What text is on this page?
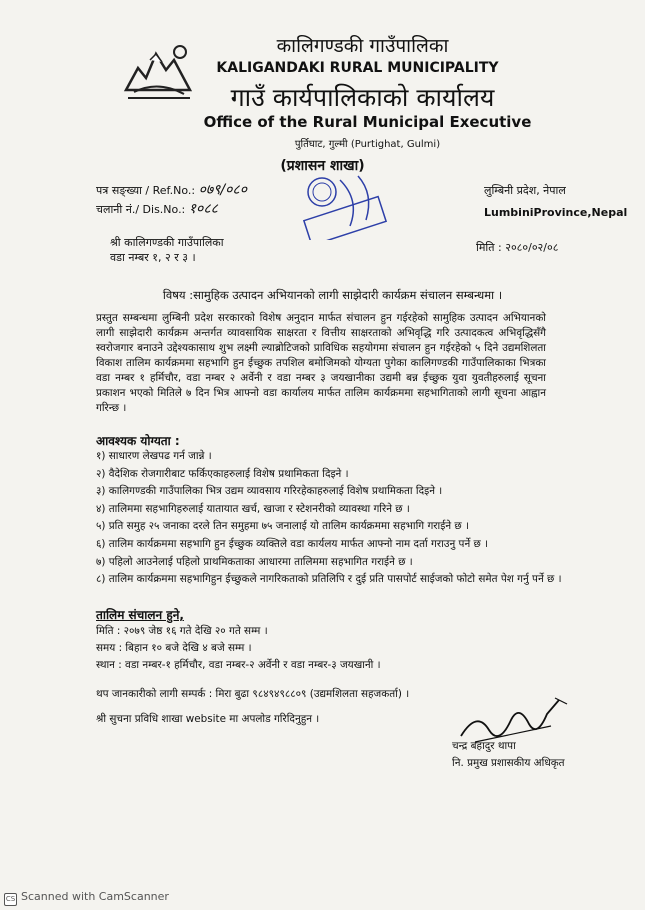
कालिगण्डकी गाउँपालिका
KALIGANDAKI RURAL MUNICIPALITY
गाउँ कार्यपालिकाको कार्यालय
Office of the Rural Municipal Executive
पुर्तिघाट, गुल्मी (Purtighat, Gulmi)
(प्रशासन शाखा)
पत्र सङ्ख्या / Ref.No.: ०७९/०८०
चलानी नं./ Dis.No.: १०८८
लुम्बिनी प्रदेश, नेपाल
LumbiniProvince,Nepal
श्री कालिगण्डकी गाउँपालिका
वडा नम्बर १, २ र ३ ।
मिति : २०८०/०२/०८
विषय :सामुहिक उत्पादन अभियानको लागी साझेदारी कार्यक्रम संचालन सम्बन्धमा ।
प्रस्तुत सम्बन्धमा लुम्बिनी प्रदेश सरकारको विशेष अनुदान मार्फत संचालन हुन गईरहेको सामुहिक उत्पादन अभियानको लागी साझेदारी कार्यक्रम अन्तर्गत व्यावसायिक साक्षरता र वित्तीय साक्षरताको अभिवृद्धि गरि उत्पादकत्व अभिवृद्धिसँगै स्वरोजगार बनाउने उद्देश्यकासाथ शुभ लक्ष्मी ल्याब्रोटिजको प्राविधिक सहयोगमा संचालन हुन गईरहेको ५ दिने उद्यमशिलता विकाश तालिम कार्यक्रममा सहभागि हुन ईच्छुक तपशिल बमोजिमको योग्यता पुगेका कालिगण्डकी गाउँपालिकाका भित्रका वडा नम्बर १ हर्मिचौर, वडा नम्बर २ अर्वेनी र वडा नम्बर ३ जयखानीका उद्यमी बन्न ईच्छुक युवा युवतीहरुलाई सूचना प्रकाशन भएको मितिले ७ दिन भित्र आफ्नो वडा कार्यालय मार्फत तालिम कार्यक्रममा सहभागिताको लागी सूचना आह्वान गरिन्छ ।
आवश्यक योग्यता :
१) साधारण लेखपढ गर्न जान्ने ।
२) वैदेशिक रोजगारीबाट फर्किएकाहरुलाई विशेष प्रथामिकता दिइने ।
३) कालिगण्डकी गाउँपालिका भित्र उद्यम व्यावसाय गरिरहेकाहरुलाई विशेष प्रथामिकता दिइने ।
४) तालिममा सहभागिहरुलाई यातायात खर्च, खाजा र स्टेशनरीको व्यावस्था गरिने छ ।
५) प्रति समुह २५ जनाका दरले तिन समुहमा ७५ जनालाई यो तालिम कार्यक्रममा सहभागि गराईने छ ।
६) तालिम कार्यक्रममा सहभागि हुन ईच्छुक व्यक्तिले वडा कार्यलय मार्फत आफ्नो नाम दर्ता गराउनु पर्ने छ ।
७) पहिलो आउनेलाई पहिलो प्राथमिकताका आधारमा तालिममा सहभागित गराईने छ ।
८) तालिम कार्यक्रममा सहभागिहुन ईच्छुकले नागरिकताको प्रतिलिपि र दुई प्रति पासपोर्ट साईजको फोटो समेत पेश गर्नु पर्ने छ ।
तालिम संचालन हुने,
मिति : २०७९ जेष्ठ १६ गते देखि २० गते सम्म ।
समय : बिहान १० बजे देखि ४ बजे सम्म ।
स्थान : वडा नम्बर-१ हर्मिचौर, वडा नम्बर-२ अर्वेनी र वडा नम्बर-३ जयखानी ।
थप जानकारीको लागी सम्पर्क : मिरा बुढा ९८४९४९८८०९ (उद्यमशिलता सहजकर्ता) ।
श्री सुचना प्रविधि शाखा website मा अपलोड गरिदिनुहुन ।
चन्द्र बहादुर थापा
नि. प्रमुख प्रशासकीय अधिकृत
CS Scanned with CamScanner
